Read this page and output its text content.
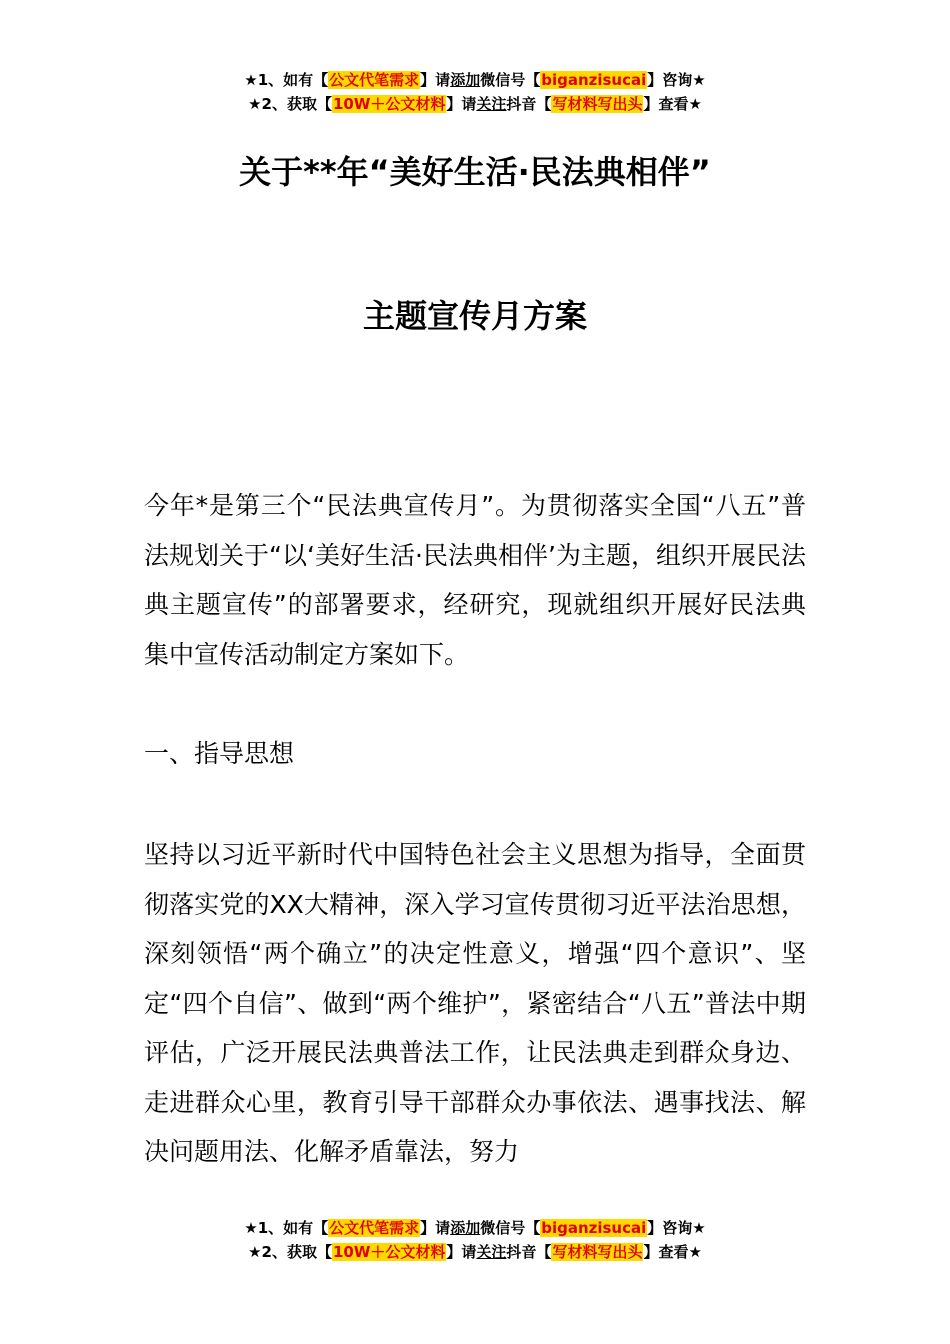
★1、如有【公文代笔需求】请添加微信号【biganzisucai】咨询★
★2、获取【10W＋公文材料】请关注抖音【写材料写出头】查看★
关于**年“美好生活·民法典相伴”
主题宣传月方案

今年*是第三个“民法典宣传月”。为贯彻落实全国“八五”普法规划关于“以‘美好生活·民法典相伴’为主题，组织开展民法典主题宣传”的部署要求，经研究，现就组织开展好民法典集中宣传活动制定方案如下。

一、指导思想

坚持以习近平新时代中国特色社会主义思想为指导，全面贯彻落实党的XX大精神，深入学习宣传贯彻习近平法治思想，深刻领悟“两个确立”的决定性意义，增强“四个意识”、坚定“四个自信”、做到“两个维护”，紧密结合“八五”普法中期评估，广泛开展民法典普法工作，让民法典走到群众身边、走进群众心里，教育引导干部群众办事依法、遇事找法、解决问题用法、化解矛盾靠法，努力

★1、如有【公文代笔需求】请添加微信号【biganzisucai】咨询★
★2、获取【10W＋公文材料】请关注抖音【写材料写出头】查看★
